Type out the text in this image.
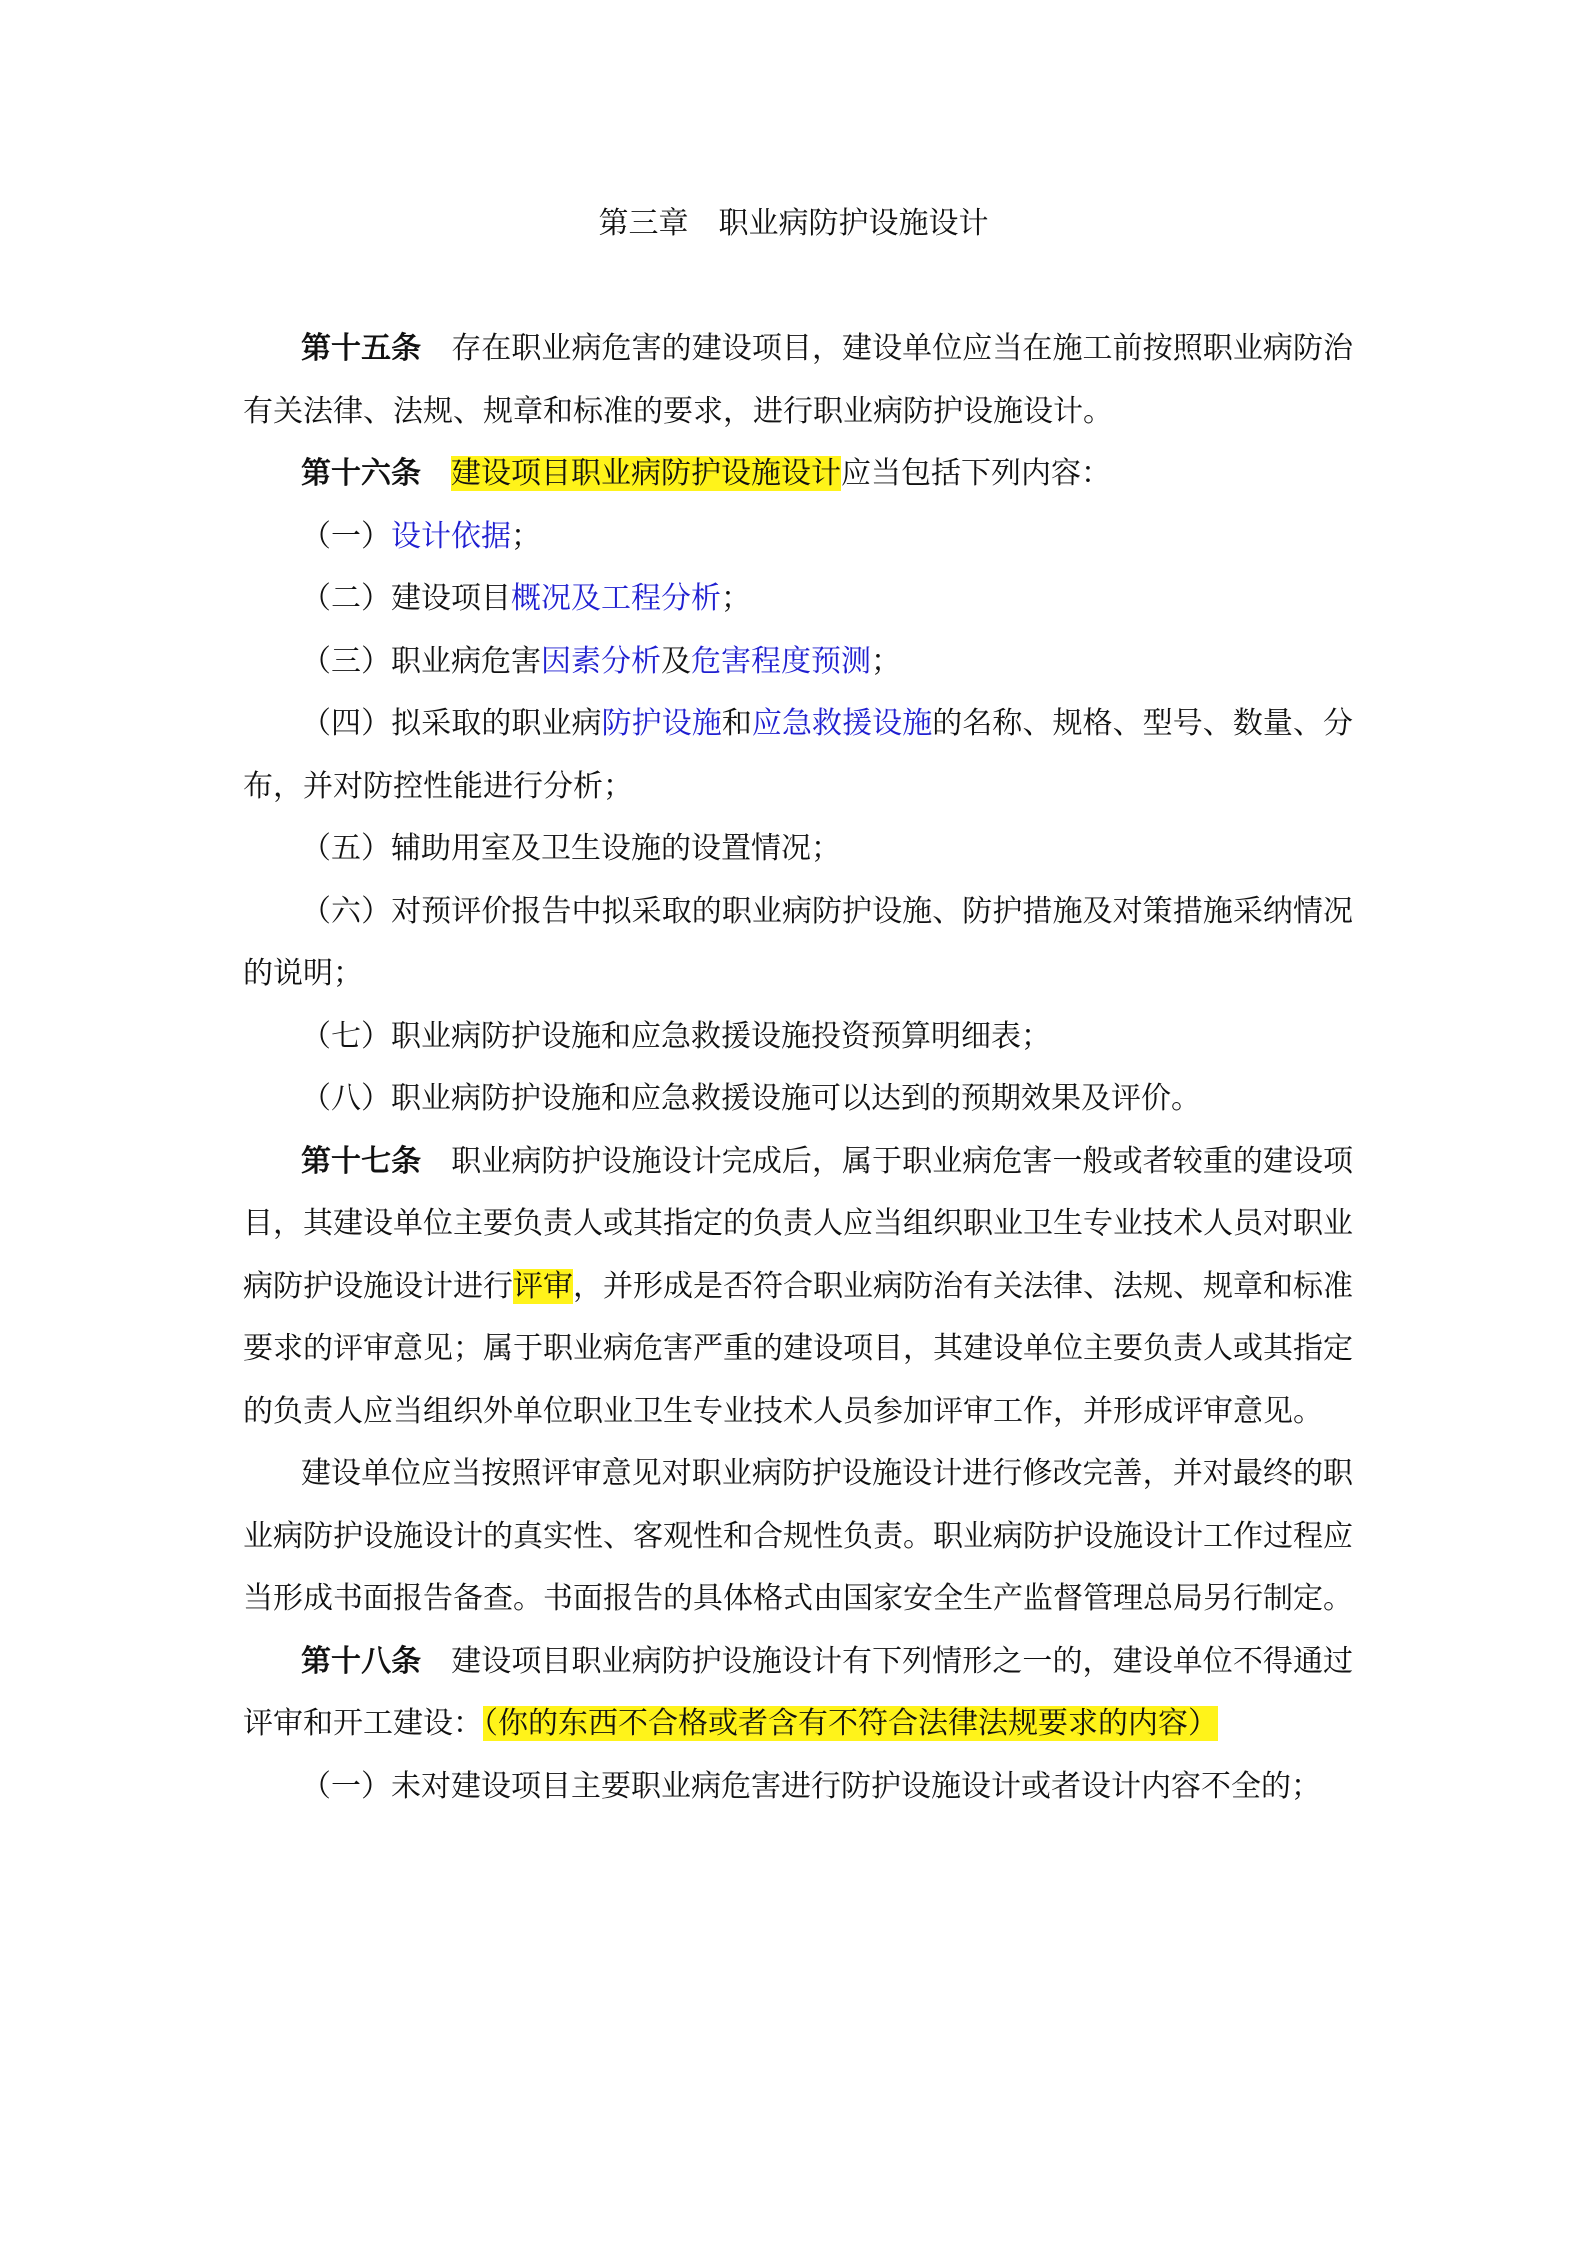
第三章　职业病防护设施设计

第十五条 存在职业病危害的建设项目，建设单位应当在施工前按照职业病防治有关法律、法规、规章和标准的要求，进行职业病防护设施设计。

第十六条 建设项目职业病防护设施设计应当包括下列内容：

（一）设计依据；

（二）建设项目概况及工程分析；

（三）职业病危害因素分析及危害程度预测；

（四）拟采取的职业病防护设施和应急救援设施的名称、规格、型号、数量、分布，并对防控性能进行分析；

（五）辅助用室及卫生设施的设置情况；

（六）对预评价报告中拟采取的职业病防护设施、防护措施及对策措施采纳情况的说明；

（七）职业病防护设施和应急救援设施投资预算明细表；

（八）职业病防护设施和应急救援设施可以达到的预期效果及评价。

第十七条 职业病防护设施设计完成后，属于职业病危害一般或者较重的建设项目，其建设单位主要负责人或其指定的负责人应当组织职业卫生专业技术人员对职业病防护设施设计进行评审，并形成是否符合职业病防治有关法律、法规、规章和标准要求的评审意见；属于职业病危害严重的建设项目，其建设单位主要负责人或其指定的负责人应当组织外单位职业卫生专业技术人员参加评审工作，并形成评审意见。

建设单位应当按照评审意见对职业病防护设施设计进行修改完善，并对最终的职业病防护设施设计的真实性、客观性和合规性负责。职业病防护设施设计工作过程应当形成书面报告备查。书面报告的具体格式由国家安全生产监督管理总局另行制定。

第十八条 建设项目职业病防护设施设计有下列情形之一的，建设单位不得通过评审和开工建设：（你的东西不合格或者含有不符合法律法规要求的内容）

（一）未对建设项目主要职业病危害进行防护设施设计或者设计内容不全的；
